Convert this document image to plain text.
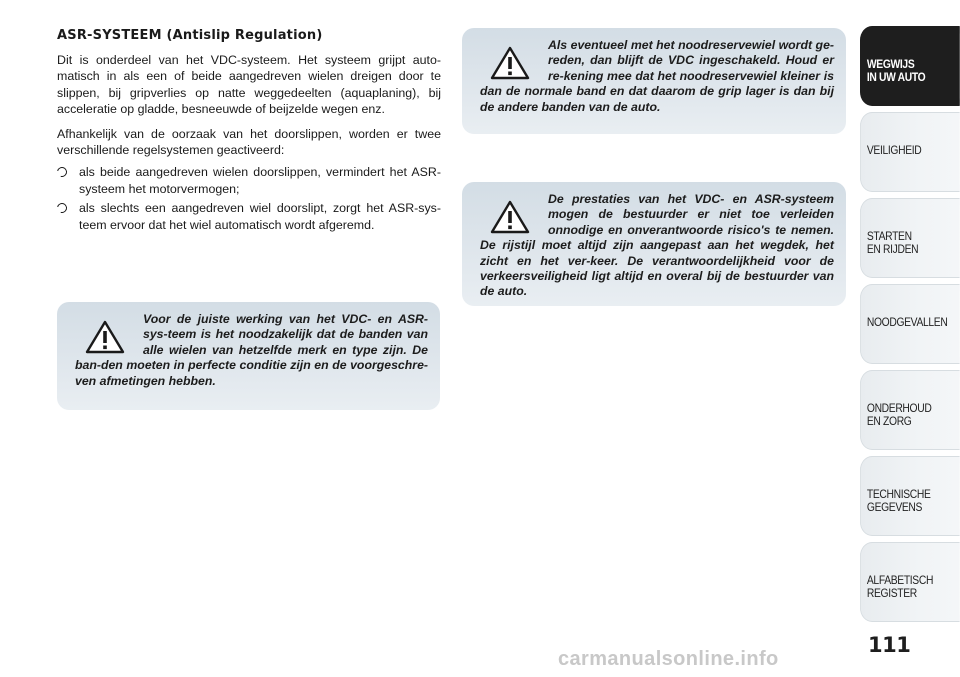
ASR-SYSTEEM (Antislip Regulation)

Dit is onderdeel van het VDC-systeem. Het systeem grijpt auto-matisch in als een of beide aangedreven wielen dreigen door te slippen, bij gripverlies op natte weggedeelten (aquaplaning), bij acceleratie op gladde, besneeuwde of beijzelde wegen enz.

Afhankelijk van de oorzaak van het doorslippen, worden er twee verschillende regelsystemen geactiveerd:

als beide aangedreven wielen doorslippen, vermindert het ASR-systeem het motorvermogen;
als slechts een aangedreven wiel doorslipt, zorgt het ASR-sys-teem ervoor dat het wiel automatisch wordt afgeremd.

Als eventueel met het noodreservewiel wordt ge-reden, dan blijft de VDC ingeschakeld. Houd er re-kening mee dat het noodreservewiel kleiner is dan de normale band en dat daarom de grip lager is dan bij de andere banden van de auto.

De prestaties van het VDC- en ASR-systeem mogen de bestuurder er niet toe verleiden onnodige en onverantwoorde risico's te nemen. De rijstijl moet altijd zijn aangepast aan het wegdek, het zicht en het ver-keer. De verantwoordelijkheid voor de verkeersveiligheid ligt altijd en overal bij de bestuurder van de auto.

Voor de juiste werking van het VDC- en ASR-sys-teem is het noodzakelijk dat de banden van alle wielen van hetzelfde merk en type zijn. De ban-den moeten in perfecte conditie zijn en de voorgeschre-ven afmetingen hebben.

WEGWIJS
IN UW AUTO
VEILIGHEID
STARTEN
EN RIJDEN
NOODGEVALLEN
ONDERHOUD
EN ZORG
TECHNISCHE
GEGEVENS
ALFABETISCH
REGISTER
111
carmanualsonline.info
